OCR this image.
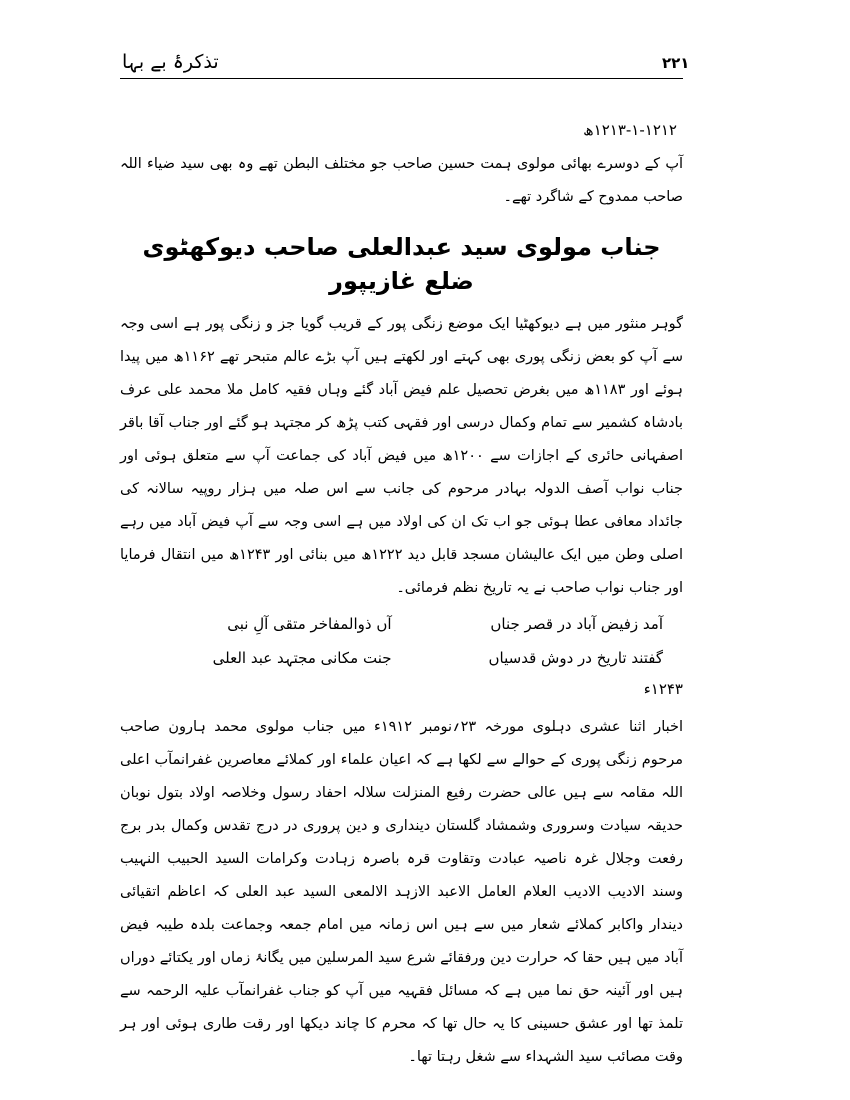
تذکرۂ بے بہا	۲۲۱
۱۲۱۳-۱-۱۲۱۲ھ

آپ کے دوسرے بھائی مولوی ہمت حسین صاحب جو مختلف البطن تھے وہ بھی سید ضیاء اللہ صاحب ممدوح کے شاگرد تھے۔

جناب مولوی سید عبدالعلی صاحب دیوکھٹوی ضلع غازیپور

گوہر منثور میں ہے دیوکھٹیا ایک موضع زنگی پور کے قریب گویا جز و زنگی پور ہے اسی وجہ سے آپ کو بعض زنگی پوری بھی کہتے اور لکھتے ہیں آپ بڑے عالم متبحر تھے ۱۱۶۲ھ میں پیدا ہوئے اور ۱۱۸۳ھ میں بغرض تحصیل علم فیض آباد گئے وہاں فقیہ کامل ملا محمد علی عرف بادشاہ کشمیر سے تمام وکمال درسی اور فقہی کتب پڑھ کر مجتہد ہو گئے اور جناب آقا باقر اصفہانی حائری کے اجازات سے ۱۲۰۰ھ میں فیض آباد کی جماعت آپ سے متعلق ہوئی اور جناب نواب آصف الدولہ بہادر مرحوم کی جانب سے اس صلہ میں ہزار روپیہ سالانہ کی جائداد معافی عطا ہوئی جو اب تک ان کی اولاد میں ہے اسی وجہ سے آپ فیض آباد میں رہے اصلی وطن میں ایک عالیشان مسجد قابل دید ۱۲۲۲ھ میں بنائی اور ۱۲۴۳ھ میں انتقال فرمایا اور جناب نواب صاحب نے یہ تاریخ نظم فرمائی۔

آمد زفیض آباد در قصر جناں
آں ذوالمفاخر متقی آلِ نبی
گفتند تاریخ در دوش قدسیاں
جنت مکانی مجتہد عبد العلی
۱۲۴۳ء

اخبار اثنا عشری دہلوی مورخہ ۲۳؍نومبر ۱۹۱۲ء میں جناب مولوی محمد ہارون صاحب مرحوم زنگی پوری کے حوالے سے لکھا ہے کہ اعیان علماء اور کملائے معاصرین غفرانمآب اعلی اللہ مقامہ سے ہیں عالی حضرت رفیع المنزلت سلالہ احفاد رسول وخلاصہ اولاد بتول نوبان حدیقہ سیادت وسروری وشمشاد گلستان دینداری و دین پروری در درج تقدس وکمال بدر برج رفعت وجلال غرہ ناصیہ عبادت وتقاوت قرہ باصرہ زہادت وکرامات السید الحبیب النہیب وسند الادیب الادیب العلام العامل الاعبد الازہد الالمعی السید عبد العلی کہ اعاظم اتقیائی دیندار واکابر کملائے شعار میں سے ہیں اس زمانہ میں امام جمعہ وجماعت بلدہ طیبہ فیض آباد میں ہیں حقا کہ حرارت دین ورفقائے شرع سید المرسلین میں یگانۂ زماں اور یکتائے دوراں ہیں اور آئینہ حق نما میں ہے کہ مسائل فقہیہ میں آپ کو جناب غفرانمآب علیہ الرحمہ سے تلمذ تھا اور عشق حسینی کا یہ حال تھا کہ محرم کا چاند دیکھا اور رقت طاری ہوئی اور ہر وقت مصائب سید الشہداء سے شغل رہتا تھا۔
